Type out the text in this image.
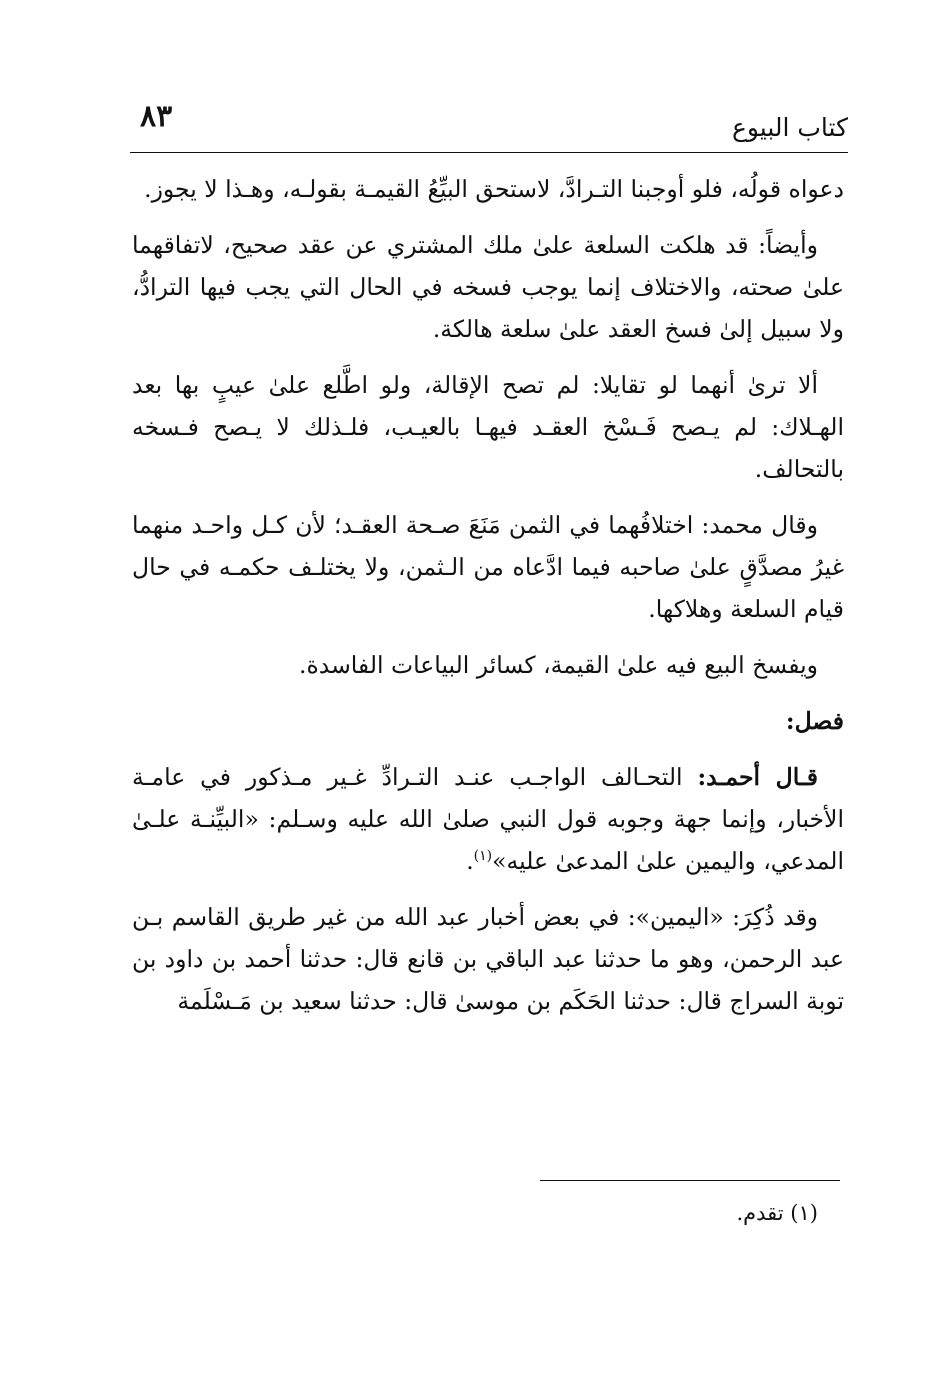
كتاب البيوع
٨٣

دعواه قولُه، فلو أوجبنا التـرادَّ، لاستحق البيِّعُ القيمـة بقولـه، وهـذا لا يجوز.

وأيضاً: قد هلكت السلعة علىٰ ملك المشتري عن عقد صحيح، لاتفاقهما علىٰ صحته، والاختلاف إنما يوجب فسخه في الحال التي يجب فيها الترادُّ، ولا سبيل إلىٰ فسخ العقد علىٰ سلعة هالكة.

ألا ترىٰ أنهما لو تقايلا: لم تصح الإقالة، ولو اطَّلع علىٰ عيبٍ بها بعد الهـلاك: لم يـصح فَـسْخ العقـد فيهـا بالعيـب، فلـذلك لا يـصح فـسخه بالتحالف.

وقال محمد: اختلافُهما في الثمن مَنَعَ صـحة العقـد؛ لأن كـل واحـد منهما غيرُ مصدَّقٍ علىٰ صاحبه فيما ادَّعاه من الـثمن، ولا يختلـف حكمـه في حال قيام السلعة وهلاكها.

ويفسخ البيع فيه علىٰ القيمة، كسائر البياعات الفاسدة.

فصل:

قـال أحمـد: التحـالف الواجـب عنـد التـرادِّ غـير مـذكور في عامـة الأخبار، وإنما جهة وجوبه قول النبي صلىٰ الله عليه وسـلم: «البيِّنـة علـىٰ المدعي، واليمين علىٰ المدعىٰ عليه»$^{(١)}$.

وقد ذُكِرَ: «اليمين»: في بعض أخبار عبد الله من غير طريق القاسم بـن عبد الرحمن، وهو ما حدثنا عبد الباقي بن قانع قال: حدثنا أحمد بن داود بن توبة السراج قال: حدثنا الحَكَم بن موسىٰ قال: حدثنا سعيد بن مَـسْلَمة

(١) تقدم.
